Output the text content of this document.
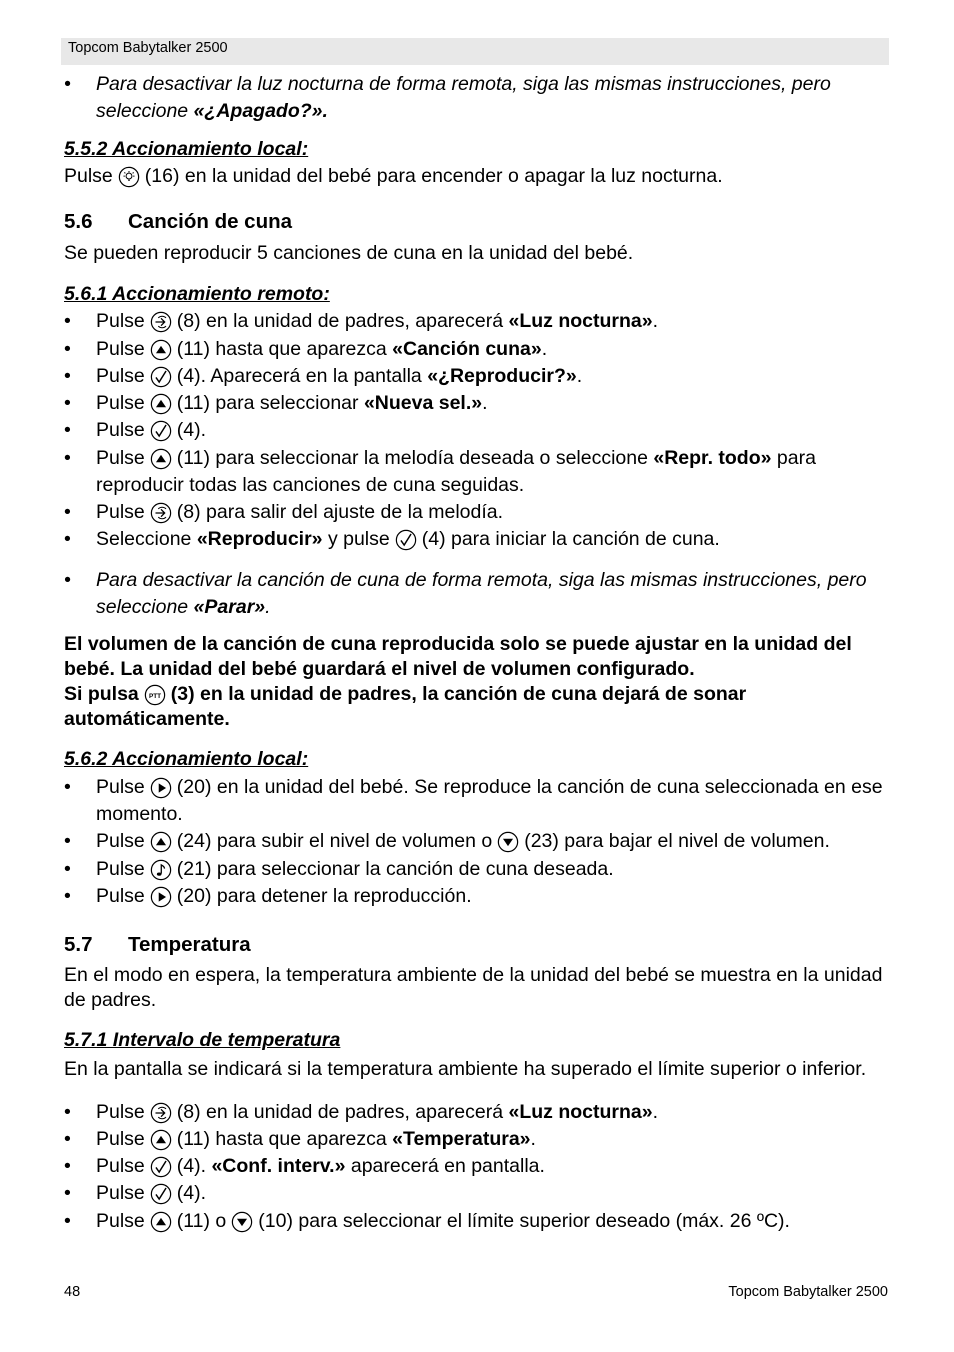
Topcom Babytalker 2500
• Para desactivar la luz nocturna de forma remota, siga las mismas instrucciones, pero seleccione «¿Apagado?».
5.5.2 Accionamiento local:
Pulse (16) en la unidad del bebé para encender o apagar la luz nocturna.
5.6 Canción de cuna
Se pueden reproducir 5 canciones de cuna en la unidad del bebé.
5.6.1 Accionamiento remoto:
• Pulse (8) en la unidad de padres, aparecerá «Luz nocturna».
• Pulse (11) hasta que aparezca «Canción cuna».
• Pulse (4). Aparecerá en la pantalla «¿Reproducir?».
• Pulse (11) para seleccionar «Nueva sel.».
• Pulse (4).
• Pulse (11) para seleccionar la melodía deseada o seleccione «Repr. todo» para reproducir todas las canciones de cuna seguidas.
• Pulse (8) para salir del ajuste de la melodía.
• Seleccione «Reproducir» y pulse (4) para iniciar la canción de cuna.
• Para desactivar la canción de cuna de forma remota, siga las mismas instrucciones, pero seleccione «Parar».
El volumen de la canción de cuna reproducida solo se puede ajustar en la unidad del bebé. La unidad del bebé guardará el nivel de volumen configurado.
Si pulsa PTT (3) en la unidad de padres, la canción de cuna dejará de sonar automáticamente.
5.6.2 Accionamiento local:
• Pulse (20) en la unidad del bebé. Se reproduce la canción de cuna seleccionada en ese momento.
• Pulse (24) para subir el nivel de volumen o (23) para bajar el nivel de volumen.
• Pulse (21) para seleccionar la canción de cuna deseada.
• Pulse (20) para detener la reproducción.
5.7 Temperatura
En el modo en espera, la temperatura ambiente de la unidad del bebé se muestra en la unidad de padres.
5.7.1 Intervalo de temperatura
En la pantalla se indicará si la temperatura ambiente ha superado el límite superior o inferior.
• Pulse (8) en la unidad de padres, aparecerá «Luz nocturna».
• Pulse (11) hasta que aparezca «Temperatura».
• Pulse (4). «Conf. interv.» aparecerá en pantalla.
• Pulse (4).
• Pulse (11) o (10) para seleccionar el límite superior deseado (máx. 26 ºC).
48	Topcom Babytalker 2500
